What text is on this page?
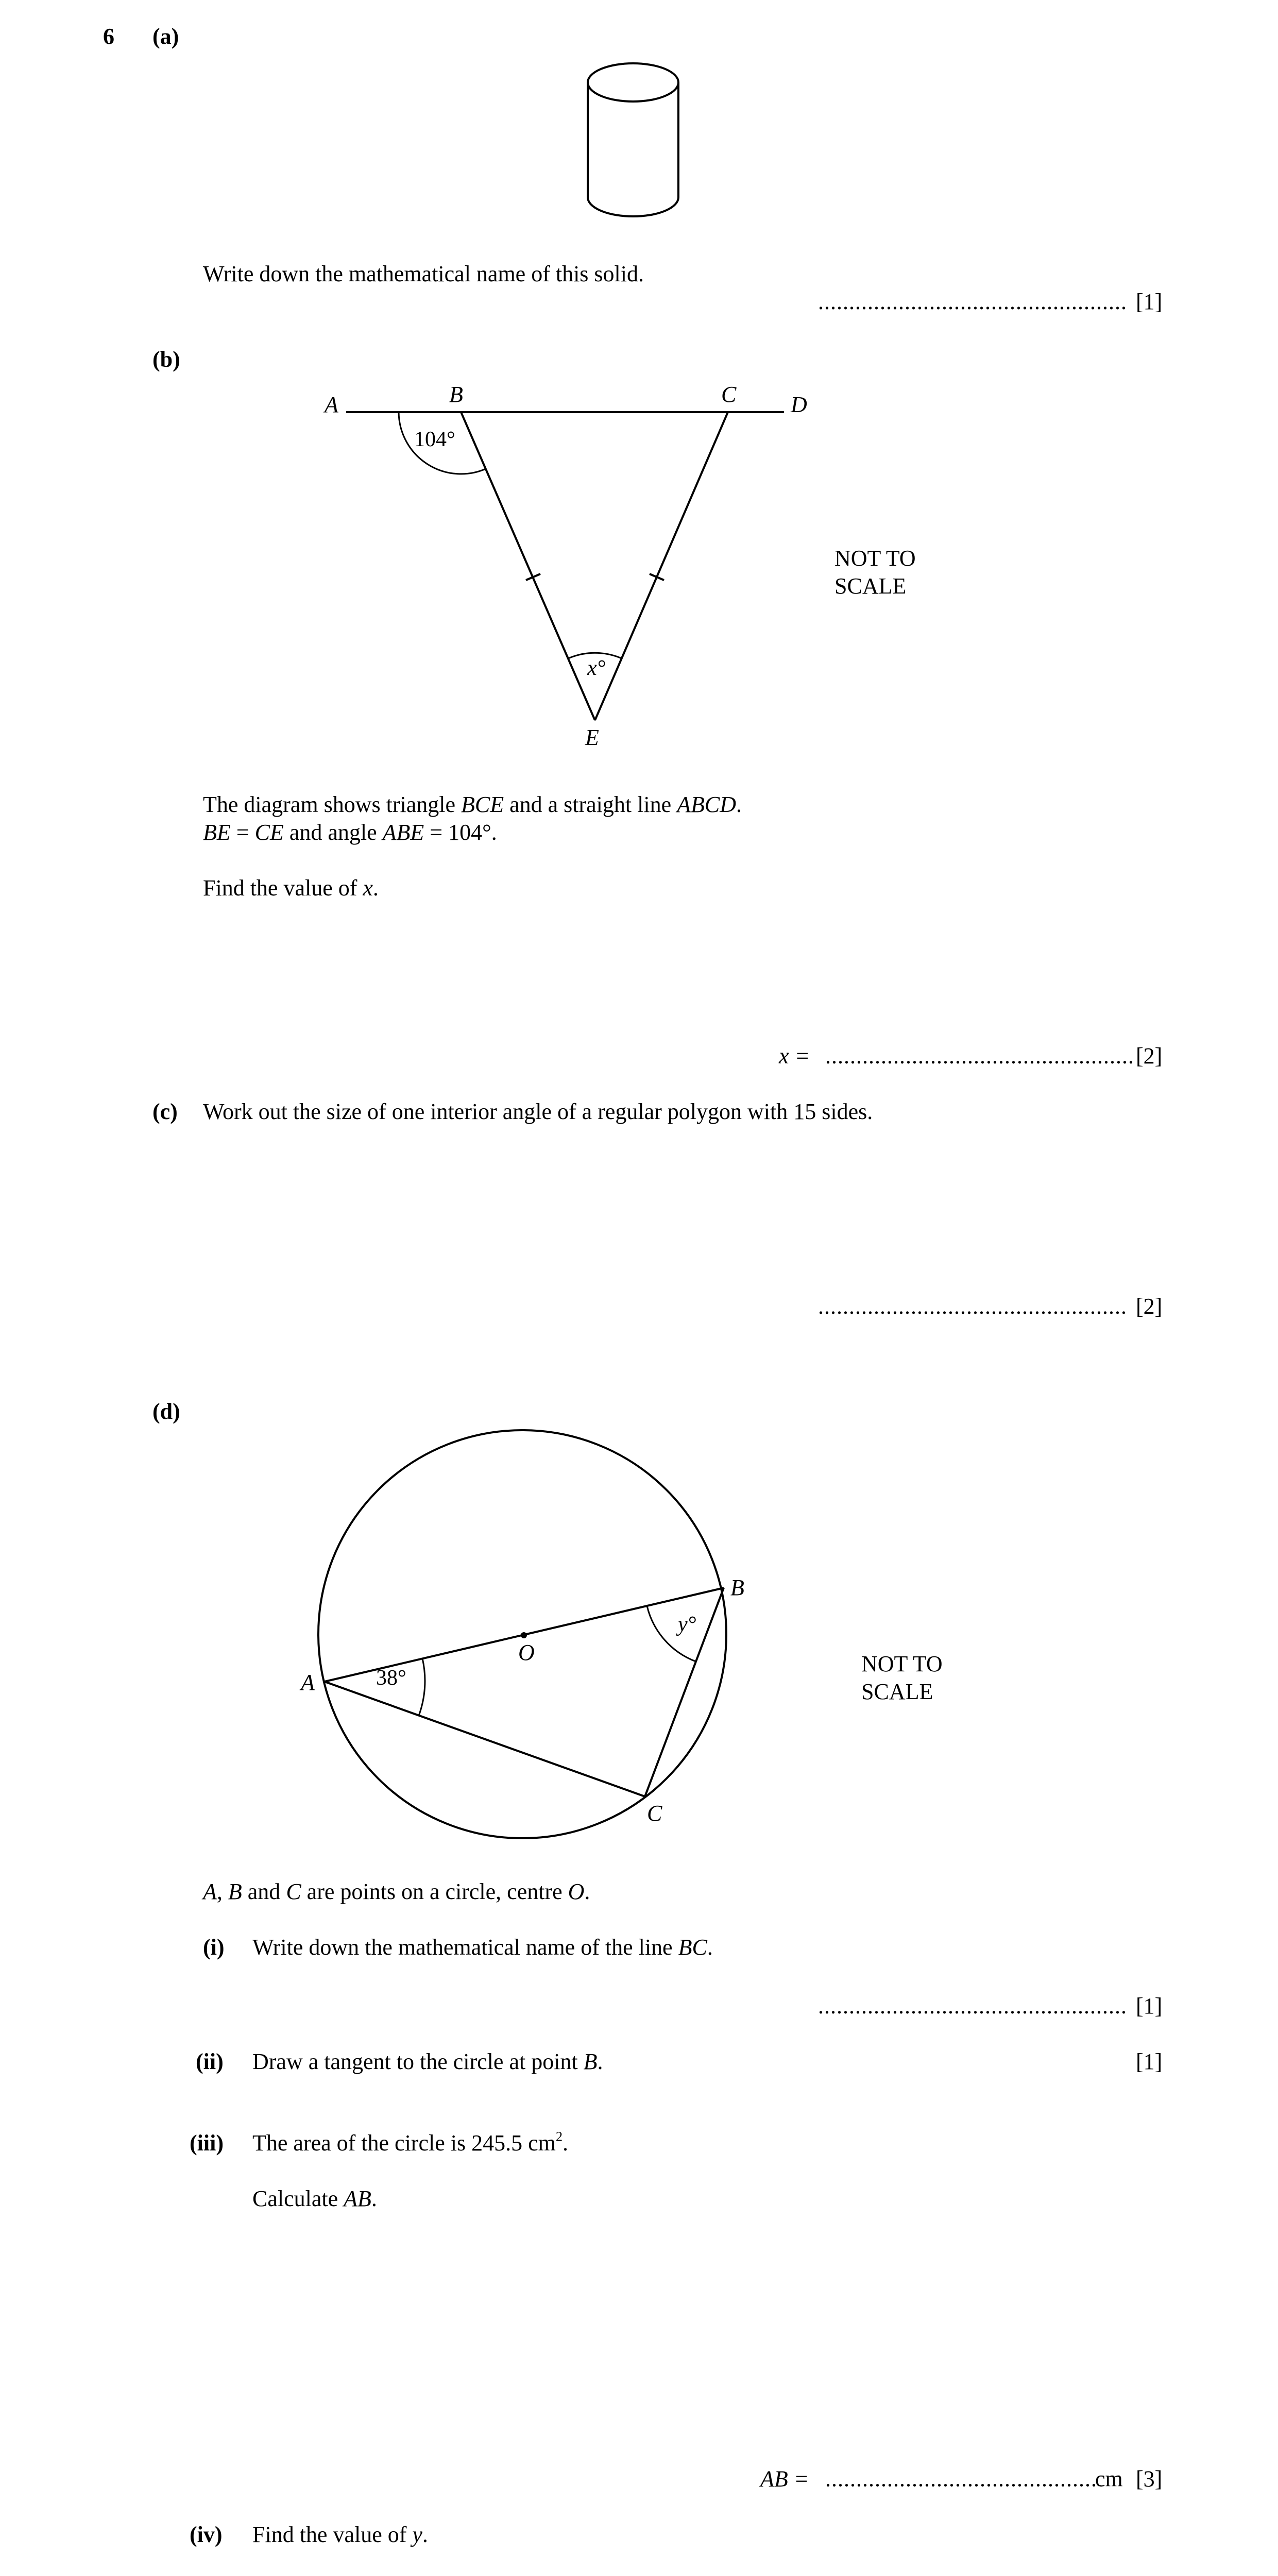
6 (a)
Write down the mathematical name of this solid.
.................................................. [1]
(b)
A	B	C D
E
104°
x°
NOT TO
SCALE
The diagram shows triangle BCE and a straight line ABCD.
BE = CE and angle ABE = 104°.
Find the value of x.
x = .................................................. [2]
(c) Work out the size of one interior angle of a regular polygon with 15 sides.
.................................................. [2]
(d)
A
B
C
O
38°
y°
NOT TO
SCALE
A, B and C are points on a circle, centre O.
(i) Write down the mathematical name of the line BC.
.................................................. [1]
(ii) Draw a tangent to the circle at point B.	[1]
(iii) The area of the circle is 245.5 $cm^2$.
Calculate AB.
AB = ............................................
cm [3]
(iv) Find the value of y.
